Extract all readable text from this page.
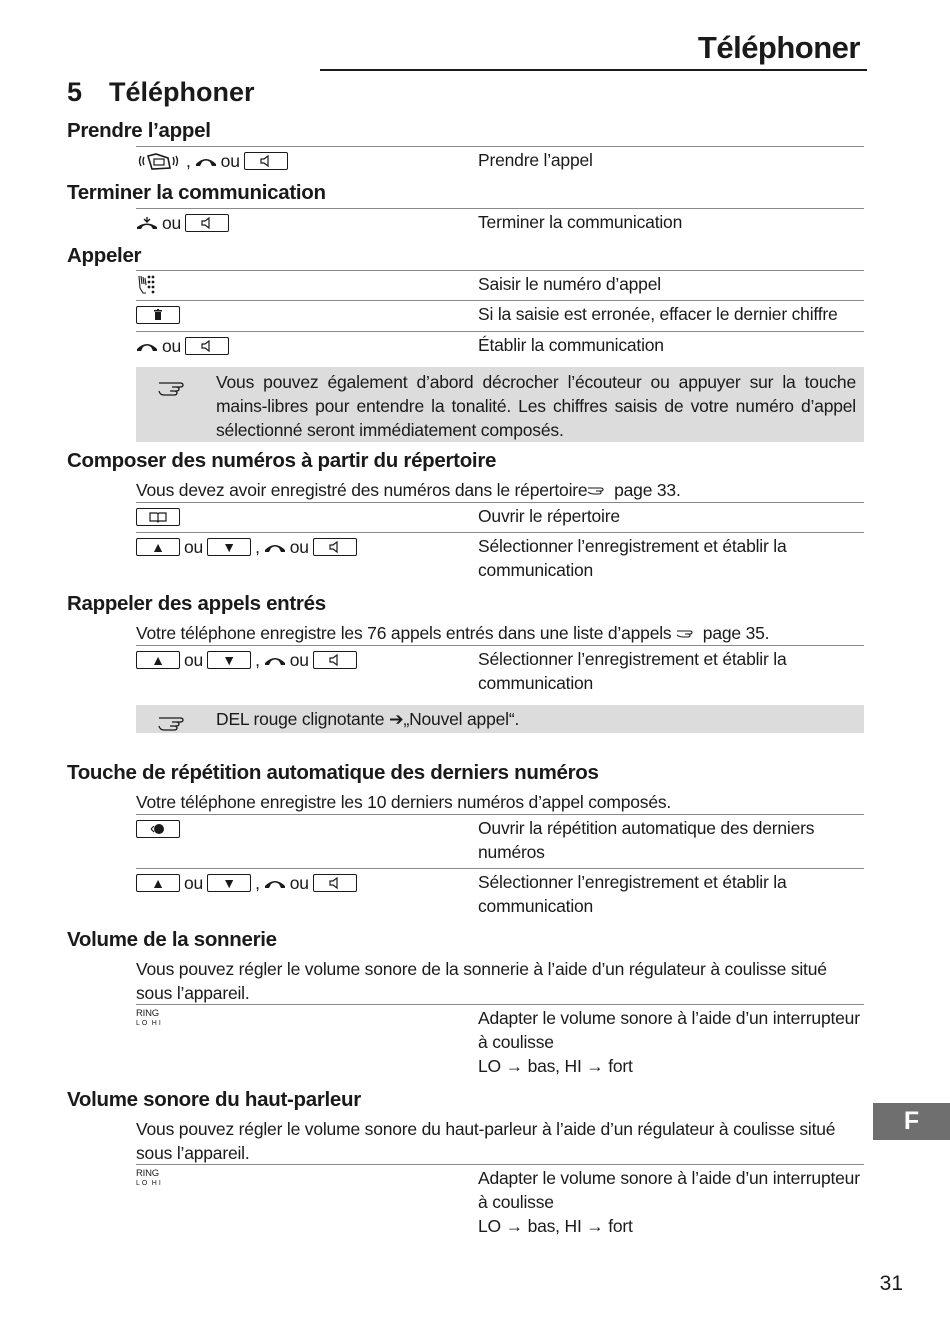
Téléphoner
5 Téléphoner
Prendre l’appel
, ou	Prendre l’appel
Terminer la communication
ou	Terminer la communication
Appeler
Saisir le numéro d’appel
Si la saisie est erronée, effacer le dernier chiffre
ou	Établir la communication
Vous pouvez également d’abord décrocher l’écouteur ou appuyer sur la touche mains-libres pour entendre la tonalité. Les chiffres saisis de votre numéro d’appel sélectionné seront immédiatement composés.
Composer des numéros à partir du répertoire
Vous devez avoir enregistré des numéros dans le répertoire page 33.
Ouvrir le répertoire
▲	ou	▼	, ou	Sélectionner l’enregistrement et établir la communication
Rappeler des appels entrés
Votre téléphone enregistre les 76 appels entrés dans une liste d’appels  page 35.
▲	ou	▼	, ou	Sélectionner l’enregistrement et établir la communication
DEL rouge clignotante ➔„Nouvel appel“.
Touche de répétition automatique des derniers numéros
Votre téléphone enregistre les 10 derniers numéros d’appel composés.
Ouvrir la répétition automatique des derniers numéros
▲	ou	▼	, ou	Sélectionner l’enregistrement et établir la communication
Volume de la sonnerie
Vous pouvez régler le volume sonore de la sonnerie à l’aide d’un régulateur à coulisse situé sous l’appareil.
RING
LO HI	Adapter le volume sonore à l’aide d’un interrupteur à coulisse
LO → bas, HI → fort
Volume sonore du haut-parleur
Vous pouvez régler le volume sonore du haut-parleur à l’aide d’un régulateur à coulisse situé sous l’appareil.
RING
LO HI	Adapter le volume sonore à l’aide d’un interrupteur à coulisse
LO → bas, HI → fort
F
31
